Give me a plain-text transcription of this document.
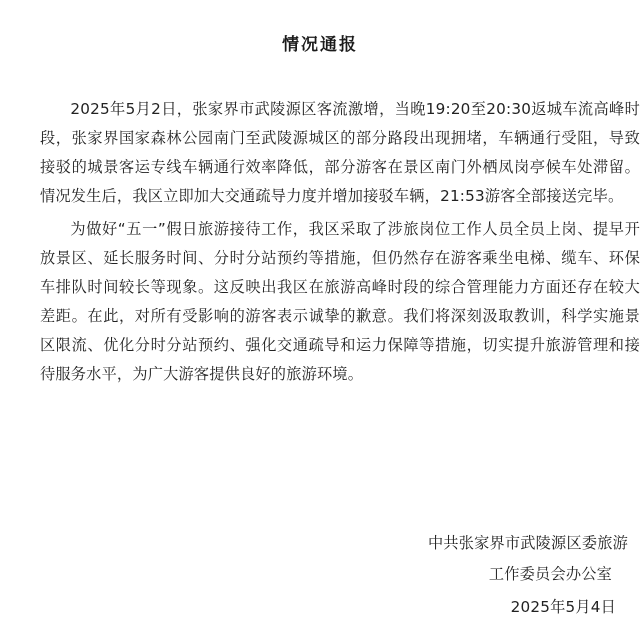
情况通报

2025年5月2日，张家界市武陵源区客流激增，当晚19:20至20:30返城车流高峰时段，张家界国家森林公园南门至武陵源城区的部分路段出现拥堵，车辆通行受阻，导致接驳的城景客运专线车辆通行效率降低，部分游客在景区南门外栖凤岗亭候车处滞留。情况发生后，我区立即加大交通疏导力度并增加接驳车辆，21:53游客全部接送完毕。

为做好“五一”假日旅游接待工作，我区采取了涉旅岗位工作人员全员上岗、提早开放景区、延长服务时间、分时分站预约等措施，但仍然存在游客乘坐电梯、缆车、环保车排队时间较长等现象。这反映出我区在旅游高峰时段的综合管理能力方面还存在较大差距。在此，对所有受影响的游客表示诚挚的歉意。我们将深刻汲取教训，科学实施景区限流、优化分时分站预约、强化交通疏导和运力保障等措施，切实提升旅游管理和接待服务水平，为广大游客提供良好的旅游环境。

中共张家界市武陵源区委旅游
工作委员会办公室
2025年5月4日
